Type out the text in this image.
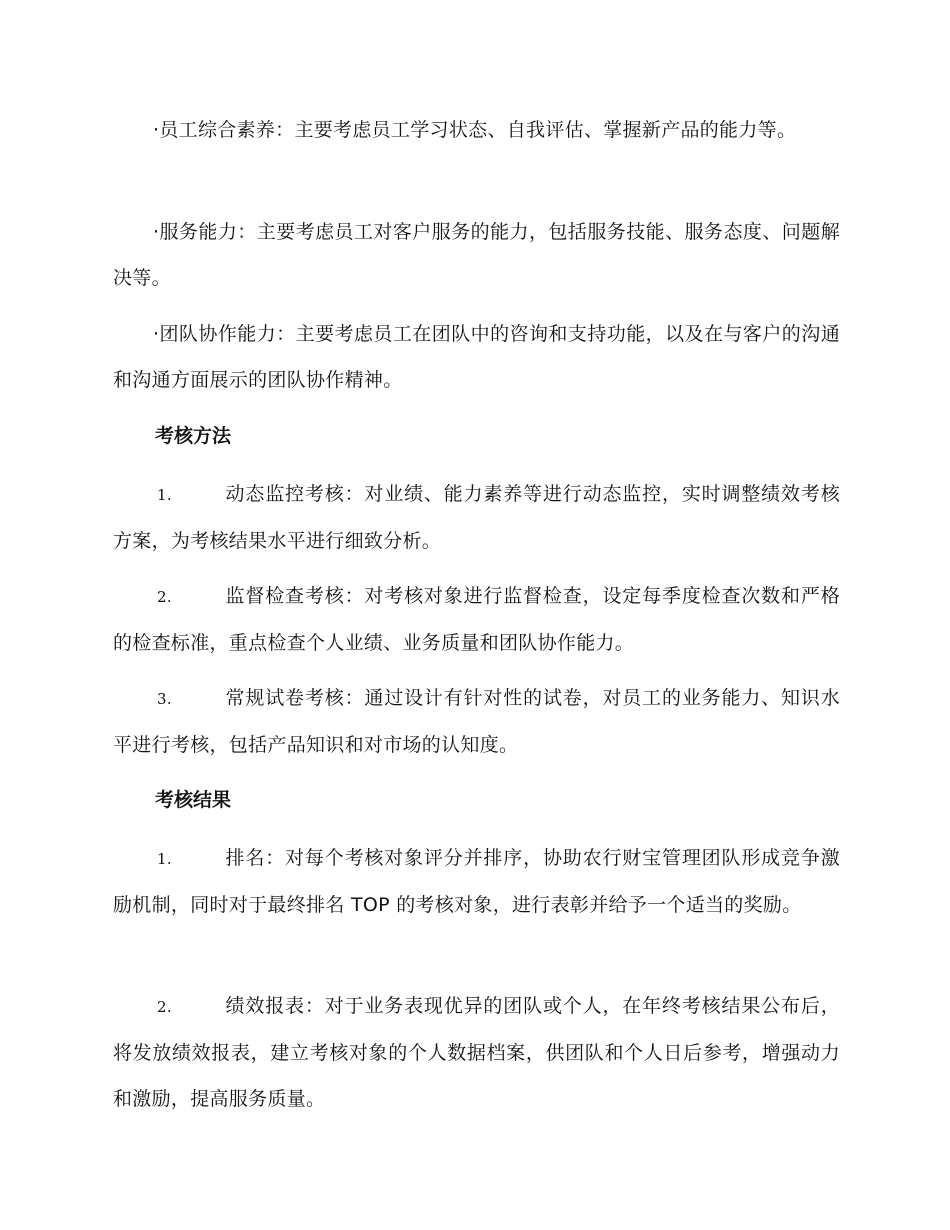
·员工综合素养：主要考虑员工学习状态、自我评估、掌握新产品的能力等。

·服务能力：主要考虑员工对客户服务的能力，包括服务技能、服务态度、问题解决等。

·团队协作能力：主要考虑员工在团队中的咨询和支持功能，以及在与客户的沟通和沟通方面展示的团队协作精神。

考核方法

1.	动态监控考核：对业绩、能力素养等进行动态监控，实时调整绩效考核方案，为考核结果水平进行细致分析。

2.	监督检查考核：对考核对象进行监督检查，设定每季度检查次数和严格的检查标准，重点检查个人业绩、业务质量和团队协作能力。

3.	常规试卷考核：通过设计有针对性的试卷，对员工的业务能力、知识水平进行考核，包括产品知识和对市场的认知度。

考核结果

1.	排名：对每个考核对象评分并排序，协助农行财宝管理团队形成竞争激励机制，同时对于最终排名 TOP 的考核对象，进行表彰并给予一个适当的奖励。

2.	绩效报表：对于业务表现优异的团队或个人，在年终考核结果公布后，将发放绩效报表，建立考核对象的个人数据档案，供团队和个人日后参考，增强动力和激励，提高服务质量。
